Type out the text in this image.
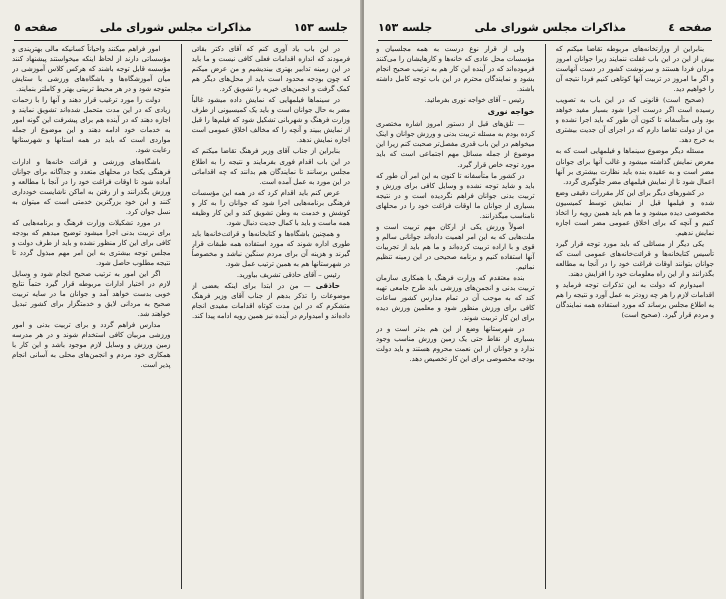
جلسه ١٥٣
مذاکرات مجلس شورای ملی
صفحه ٥

در این باب یاد آوری کنم که آقای دکتر بقائی فرمودند که اندازه اقدامات فعلی کافی نیست و ما باید در این زمینه تدابیر بهتری بیندیشیم و من عرض میکنم که چون بودجه محدود است باید از محل‌های دیگر هم کمک گرفت و انجمن‌های خیریه را تشویق کرد.

در سینماها فیلمهایی که نمایش داده میشود غالباً مضر به حال جوانان است و باید یک کمیسیونی از طرف وزارت فرهنگ و شهربانی تشکیل شود که فیلم‌ها را قبل از نمایش ببیند و آنچه را که مخالف اخلاق عمومی است اجازه نمایش ندهد.

بنابراین از جناب آقای وزیر فرهنگ تقاضا میکنم که در این باب اقدام فوری بفرمایند و نتیجه را به اطلاع مجلس برسانند تا نمایندگان هم بدانند که چه اقداماتی در این مورد به عمل آمده است.

عرض کنم باید اقدام کرد که در همه این مؤسسات فرهنگی برنامه‌هایی اجرا شود که جوانان را به کار و کوشش و خدمت به وطن تشویق کند و این کار وظیفه همه ماست و باید با کمال جدیت دنبال شود.

و همچنین باشگاه‌ها و کتابخانه‌ها و قرائت‌خانه‌ها باید طوری اداره شوند که مورد استفاده همه طبقات قرار گیرند و هزینه آن برای مردم سنگین نباشد و مخصوصاً در شهرستانها هم به همین ترتیب عمل شود.

رئیس – آقای حاذقی تشریف بیاورید.

حاذقی — من در ابتدا برای اینکه بعضی از موضوعات را تذکر بدهم از جناب آقای وزیر فرهنگ متشکرم که در این مدت کوتاه اقدامات مفیدی انجام داده‌اند و امیدوارم در آینده نیز همین رویه ادامه پیدا کند.

امور فراهم میکنند واحیاناً کسانیکه مالی بهتریندی و مؤسساتی دارند از لحاظ اینکه میخواستند پیشنهاد کنند مؤسسه قابل توجه باشند که هرکس کلاس آموزشی در میان آموزشگاه‌ها و باشگاه‌های ورزشی با ستایش متوجه شود و در هر محیط تربیتی بهتر و کاملتر بنمایند.

دولت را مورد ترغیب قرار دهند و آنها را با زحمات زیادی که در این مدت متحمل شده‌اند تشویق نمایند و اجازه دهند که در آینده هم برای پیشرفت این گونه امور به خدمات خود ادامه دهند و این موضوع از جمله مواردی است که باید در همه استانها و شهرستانها رعایت شود.

باشگاه‌های ورزشی و قرائت خانه‌ها و ادارات فرهنگی یکجا در محلهای متعدد و جداگانه برای جوانان آماده شود تا اوقات فراغت خود را در آنجا با مطالعه و ورزش بگذرانند و از رفتن به اماکن ناشایست خودداری کنند و این خود بزرگترین خدمتی است که میتوان به نسل جوان کرد.

در مورد تشکیلات وزارت فرهنگ و برنامه‌هایی که برای تربیت بدنی اجرا میشود توضیح میدهم که بودجه کافی برای این کار منظور نشده و باید از طرف دولت و مجلس توجه بیشتری به این امر مهم مبذول گردد تا نتیجه مطلوب حاصل شود.

اگر این امور به ترتیب صحیح انجام شود و وسایل لازم در اختیار ادارات مربوطه قرار گیرد حتماً نتایج خوبی بدست خواهد آمد و جوانان ما در سایه تربیت صحیح به مردانی لایق و خدمتگزار برای کشور تبدیل خواهند شد.

مدارس فراهم گردد و برای تربیت بدنی و امور ورزشی مربیان کافی استخدام شوند و در هر مدرسه زمین ورزش و وسایل لازم موجود باشد و این کار با همکاری خود مردم و انجمن‌های محلی به آسانی انجام پذیر است.

صفحه ٤
مذاکرات مجلس شورای ملی
جلسه ١٥٣

بنابراین از وزارتخانه‌های مربوطه تقاضا میکنم که بیش از این در این باب غفلت ننمایند زیرا جوانان امروز مردان فردا هستند و سرنوشت کشور در دست آنهاست و اگر ما امروز در تربیت آنها کوتاهی کنیم فردا نتیجه آن را خواهیم دید.

(صحیح است) قانونی که در این باب به تصویب رسیده است اگر درست اجرا شود بسیار مفید خواهد بود ولی متأسفانه تا کنون آن طور که باید اجرا نشده و من از دولت تقاضا دارم که در اجرای آن جدیت بیشتری به خرج دهد.

مسئله دیگر موضوع سینماها و فیلمهایی است که به معرض نمایش گذاشته میشود و غالب آنها برای جوانان مضر است و به عقیده بنده باید نظارت بیشتری بر آنها اعمال شود تا از نمایش فیلمهای مضر جلوگیری گردد.

در کشورهای دیگر برای این کار مقررات دقیقی وضع شده و فیلمها قبل از نمایش توسط کمیسیون مخصوصی دیده میشود و ما هم باید همین رویه را اتخاذ کنیم و آنچه که برای اخلاق عمومی مضر است اجازه نمایش ندهیم.

یکی دیگر از مسائلی که باید مورد توجه قرار گیرد تأسیس کتابخانه‌ها و قرائت‌خانه‌های عمومی است که جوانان بتوانند اوقات فراغت خود را در آنجا به مطالعه بگذرانند و از این راه معلومات خود را افزایش دهند.

امیدوارم که دولت به این تذکرات توجه فرماید و اقدامات لازم را هر چه زودتر به عمل آورد و نتیجه را هم به اطلاع مجلس برساند که مورد استفاده همه نمایندگان و مردم قرار گیرد. (صحیح است)

ولی از قرار نوع درست به همه مجلسیان و مؤسسات محل عادی که خانه‌ها و کارهایشان را می‌کنند فرموده‌اند که در آینده این کار هم به ترتیب صحیح انجام بشود و نمایندگان محترم در این باب توجه کامل داشته باشند.

رئیس – آقای خواجه نوری بفرمائید.

خواجه نوری

— تلق‌های قبل از دستور امروز اشاره مختصری کرده بودم به مسئله تربیت بدنی و ورزش جوانان و اینک میخواهم در این باب قدری مفصل‌تر صحبت کنم زیرا این موضوع از جمله مسائل مهم اجتماعی است که باید مورد توجه خاص قرار گیرد.

در کشور ما متأسفانه تا کنون به این امر آن طور که باید و شاید توجه نشده و وسایل کافی برای ورزش و تربیت بدنی جوانان فراهم نگردیده است و در نتیجه بسیاری از جوانان ما اوقات فراغت خود را در محلهای نامناسب میگذرانند.

اصولاً ورزش یکی از ارکان مهم تربیت است و ملت‌هایی که به این امر اهمیت داده‌اند جوانانی سالم و قوی و با اراده تربیت کرده‌اند و ما هم باید از تجربیات آنها استفاده کنیم و برنامه صحیحی در این زمینه تنظیم نمائیم.

بنده معتقدم که وزارت فرهنگ با همکاری سازمان تربیت بدنی و انجمن‌های ورزشی باید طرح جامعی تهیه کند که به موجب آن در تمام مدارس کشور ساعات کافی برای ورزش منظور شود و معلمین ورزش دیده برای این کار تربیت شوند.

در شهرستانها وضع از این هم بدتر است و در بسیاری از نقاط حتی یک زمین ورزش مناسب وجود ندارد و جوانان از این نعمت محروم هستند و باید دولت بودجه مخصوصی برای این کار تخصیص دهد.
